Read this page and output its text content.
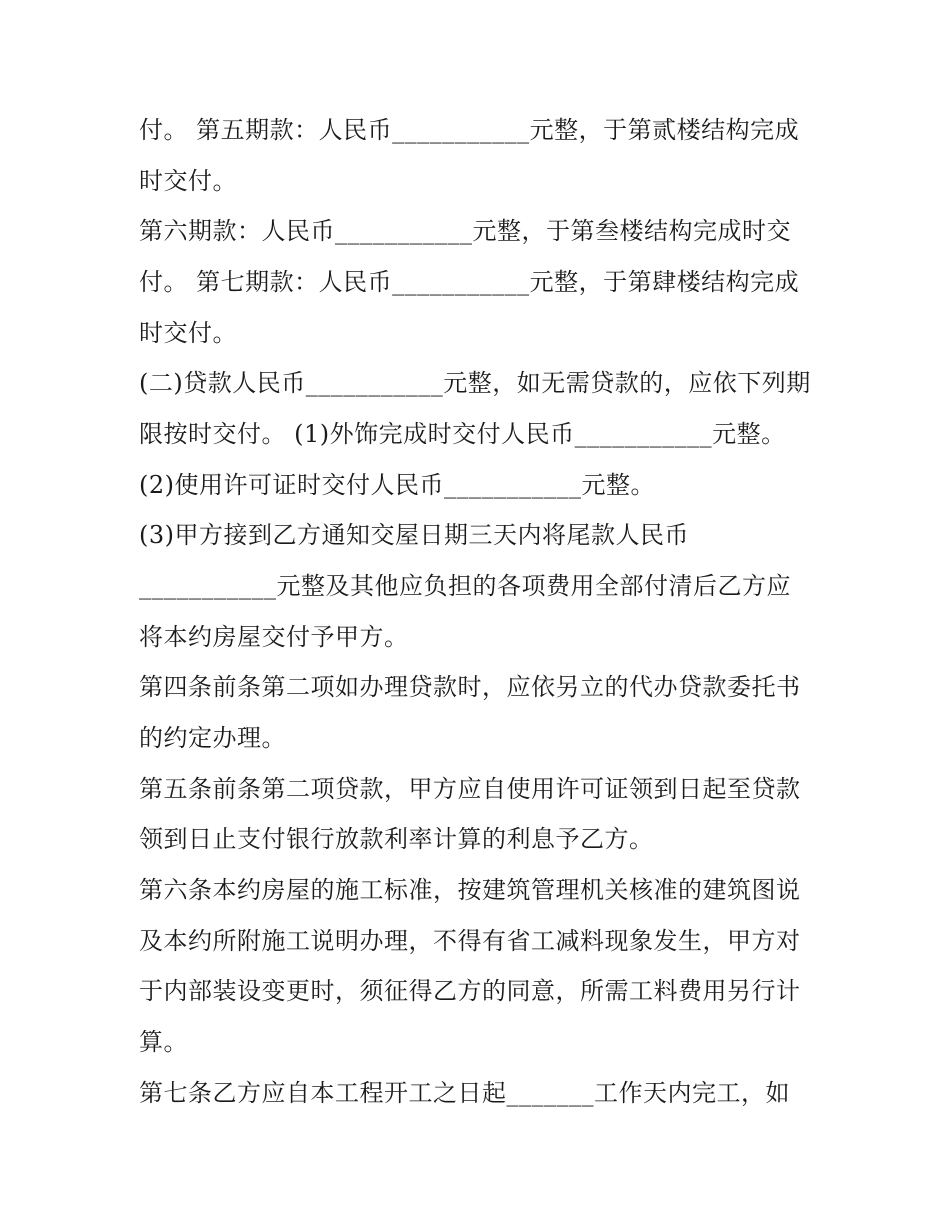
付。 第五期款：人民币___________元整，于第贰楼结构完成
时交付。
第六期款：人民币___________元整，于第叁楼结构完成时交
付。 第七期款：人民币___________元整，于第肆楼结构完成
时交付。
(二)贷款人民币___________元整，如无需贷款的，应依下列期
限按时交付。 (1)外饰完成时交付人民币___________元整。
(2)使用许可证时交付人民币___________元整。
(3)甲方接到乙方通知交屋日期三天内将尾款人民币
___________元整及其他应负担的各项费用全部付清后乙方应
将本约房屋交付予甲方。
第四条前条第二项如办理贷款时，应依另立的代办贷款委托书
的约定办理。
第五条前条第二项贷款，甲方应自使用许可证领到日起至贷款
领到日止支付银行放款利率计算的利息予乙方。
第六条本约房屋的施工标准，按建筑管理机关核准的建筑图说
及本约所附施工说明办理，不得有省工减料现象发生，甲方对
于内部装设变更时，须征得乙方的同意，所需工料费用另行计
算。
第七条乙方应自本工程开工之日起_______工作天内完工，如
